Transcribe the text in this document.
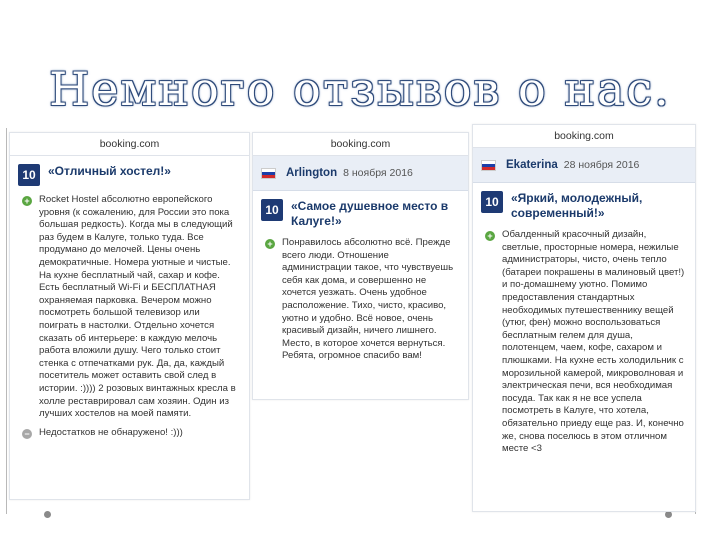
Немного отзывов о нас.
booking.com
10	«Отличный хостел!»
+ Rocket Hostel абсолютно европейского уровня (к сожалению, для России это пока большая редкость). Когда мы в следующий раз будем в Калуге, только туда. Все продумано до мелочей. Цены очень демократичные. Номера уютные и чистые. На кухне бесплатный чай, сахар и кофе. Есть бесплатный Wi-Fi и БЕСПЛАТНАЯ охраняемая парковка. Вечером можно посмотреть большой телевизор или поиграть в настолки. Отдельно хочется сказать об интерьере: в каждую мелочь работа вложили душу. Чего только стоит стенка с отпечатками рук. Да, да, каждый посетитель может оставить свой след в истории. :)))) 2 розовых винтажных кресла в холле реставрировал сам хозяин. Один из лучших хостелов на моей памяти.
− Недостатков не обнаружено! :)))
booking.com
Arlington 8 ноября 2016
10	«Самое душевное место в Калуге!»
+ Понравилось абсолютно всё. Прежде всего люди. Отношение администрации такое, что чувствуешь себя как дома, и совершенно не хочется уезжать. Очень удобное расположение. Тихо, чисто, красиво, уютно и удобно. Всё новое, очень красивый дизайн, ничего лишнего. Место, в которое хочется вернуться. Ребята, огромное спасибо вам!
booking.com
Ekaterina 28 ноября 2016
10	«Яркий, молодежный, современный!»
+ Обалденный красочный дизайн, светлые, просторные номера, нежилые администраторы, чисто, очень тепло (батареи покрашены в малиновый цвет!) и по-домашнему уютно. Помимо предоставления стандартных необходимых путешественнику вещей (утюг, фен) можно воспользоваться бесплатным гелем для душа, полотенцем, чаем, кофе, сахаром и плюшками. На кухне есть холодильник с морозильной камерой, микроволновая и электрическая печи, вся необходимая посуда. Так как я не все успела посмотреть в Калуге, что хотела, обязательно приеду еще раз. И, конечно же, снова поселюсь в этом отличном месте <3
